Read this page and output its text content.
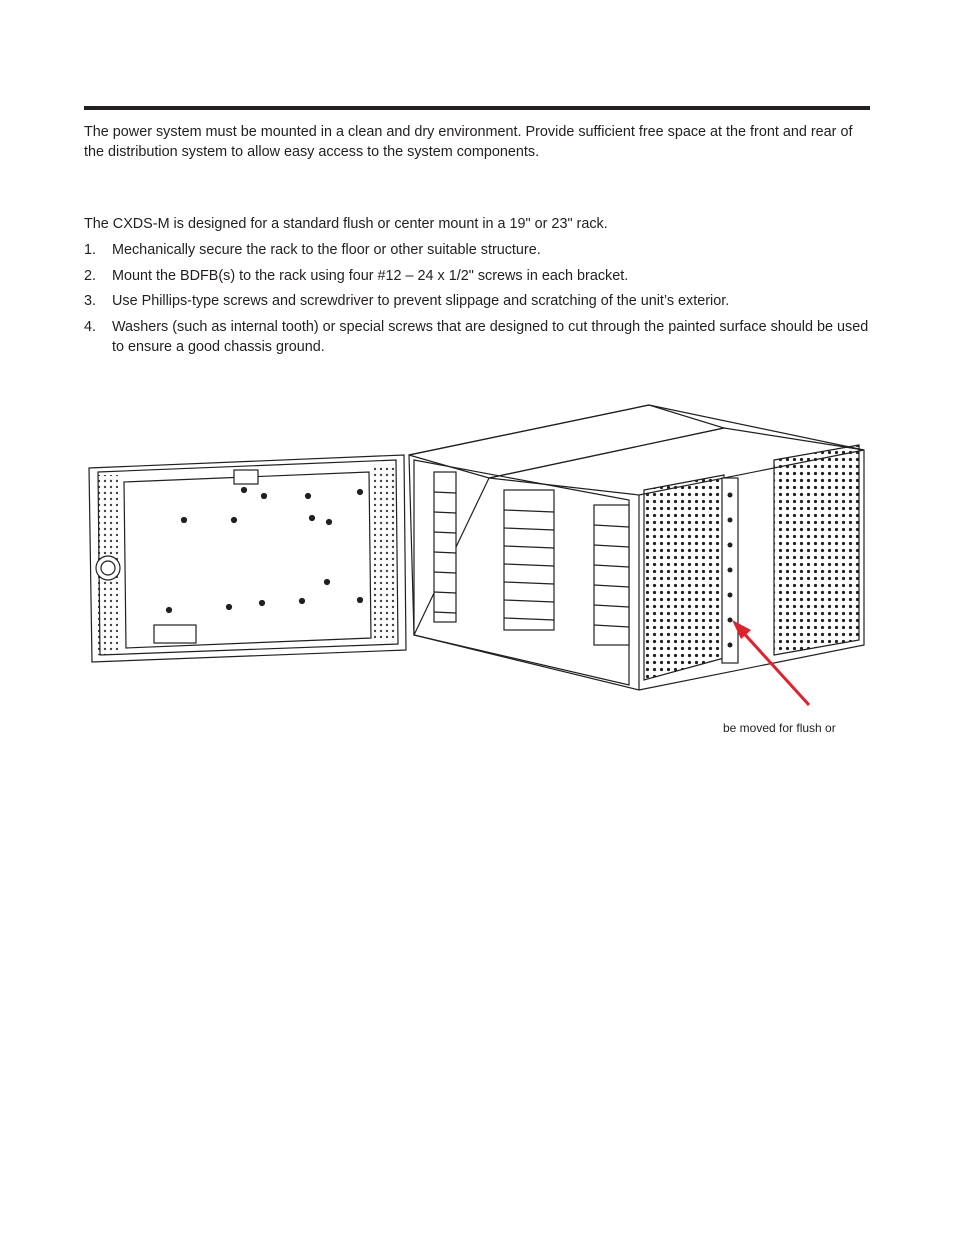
The power system must be mounted in a clean and dry environment. Provide sufficient free space at the front and rear of the distribution system to allow easy access to the system components.

The CXDS-M is designed for a standard flush or center mount in a 19" or 23" rack.

1. Mechanically secure the rack to the floor or other suitable structure.
2. Mount the BDFB(s) to the rack using four #12 – 24 x 1/2" screws in each bracket.
3. Use Phillips-type screws and screwdriver to prevent slippage and scratching of the unit’s exterior.
4. Washers (such as internal tooth) or special screws that are designed to cut through the painted surface should be used to ensure a good chassis ground.
be moved for flush or
